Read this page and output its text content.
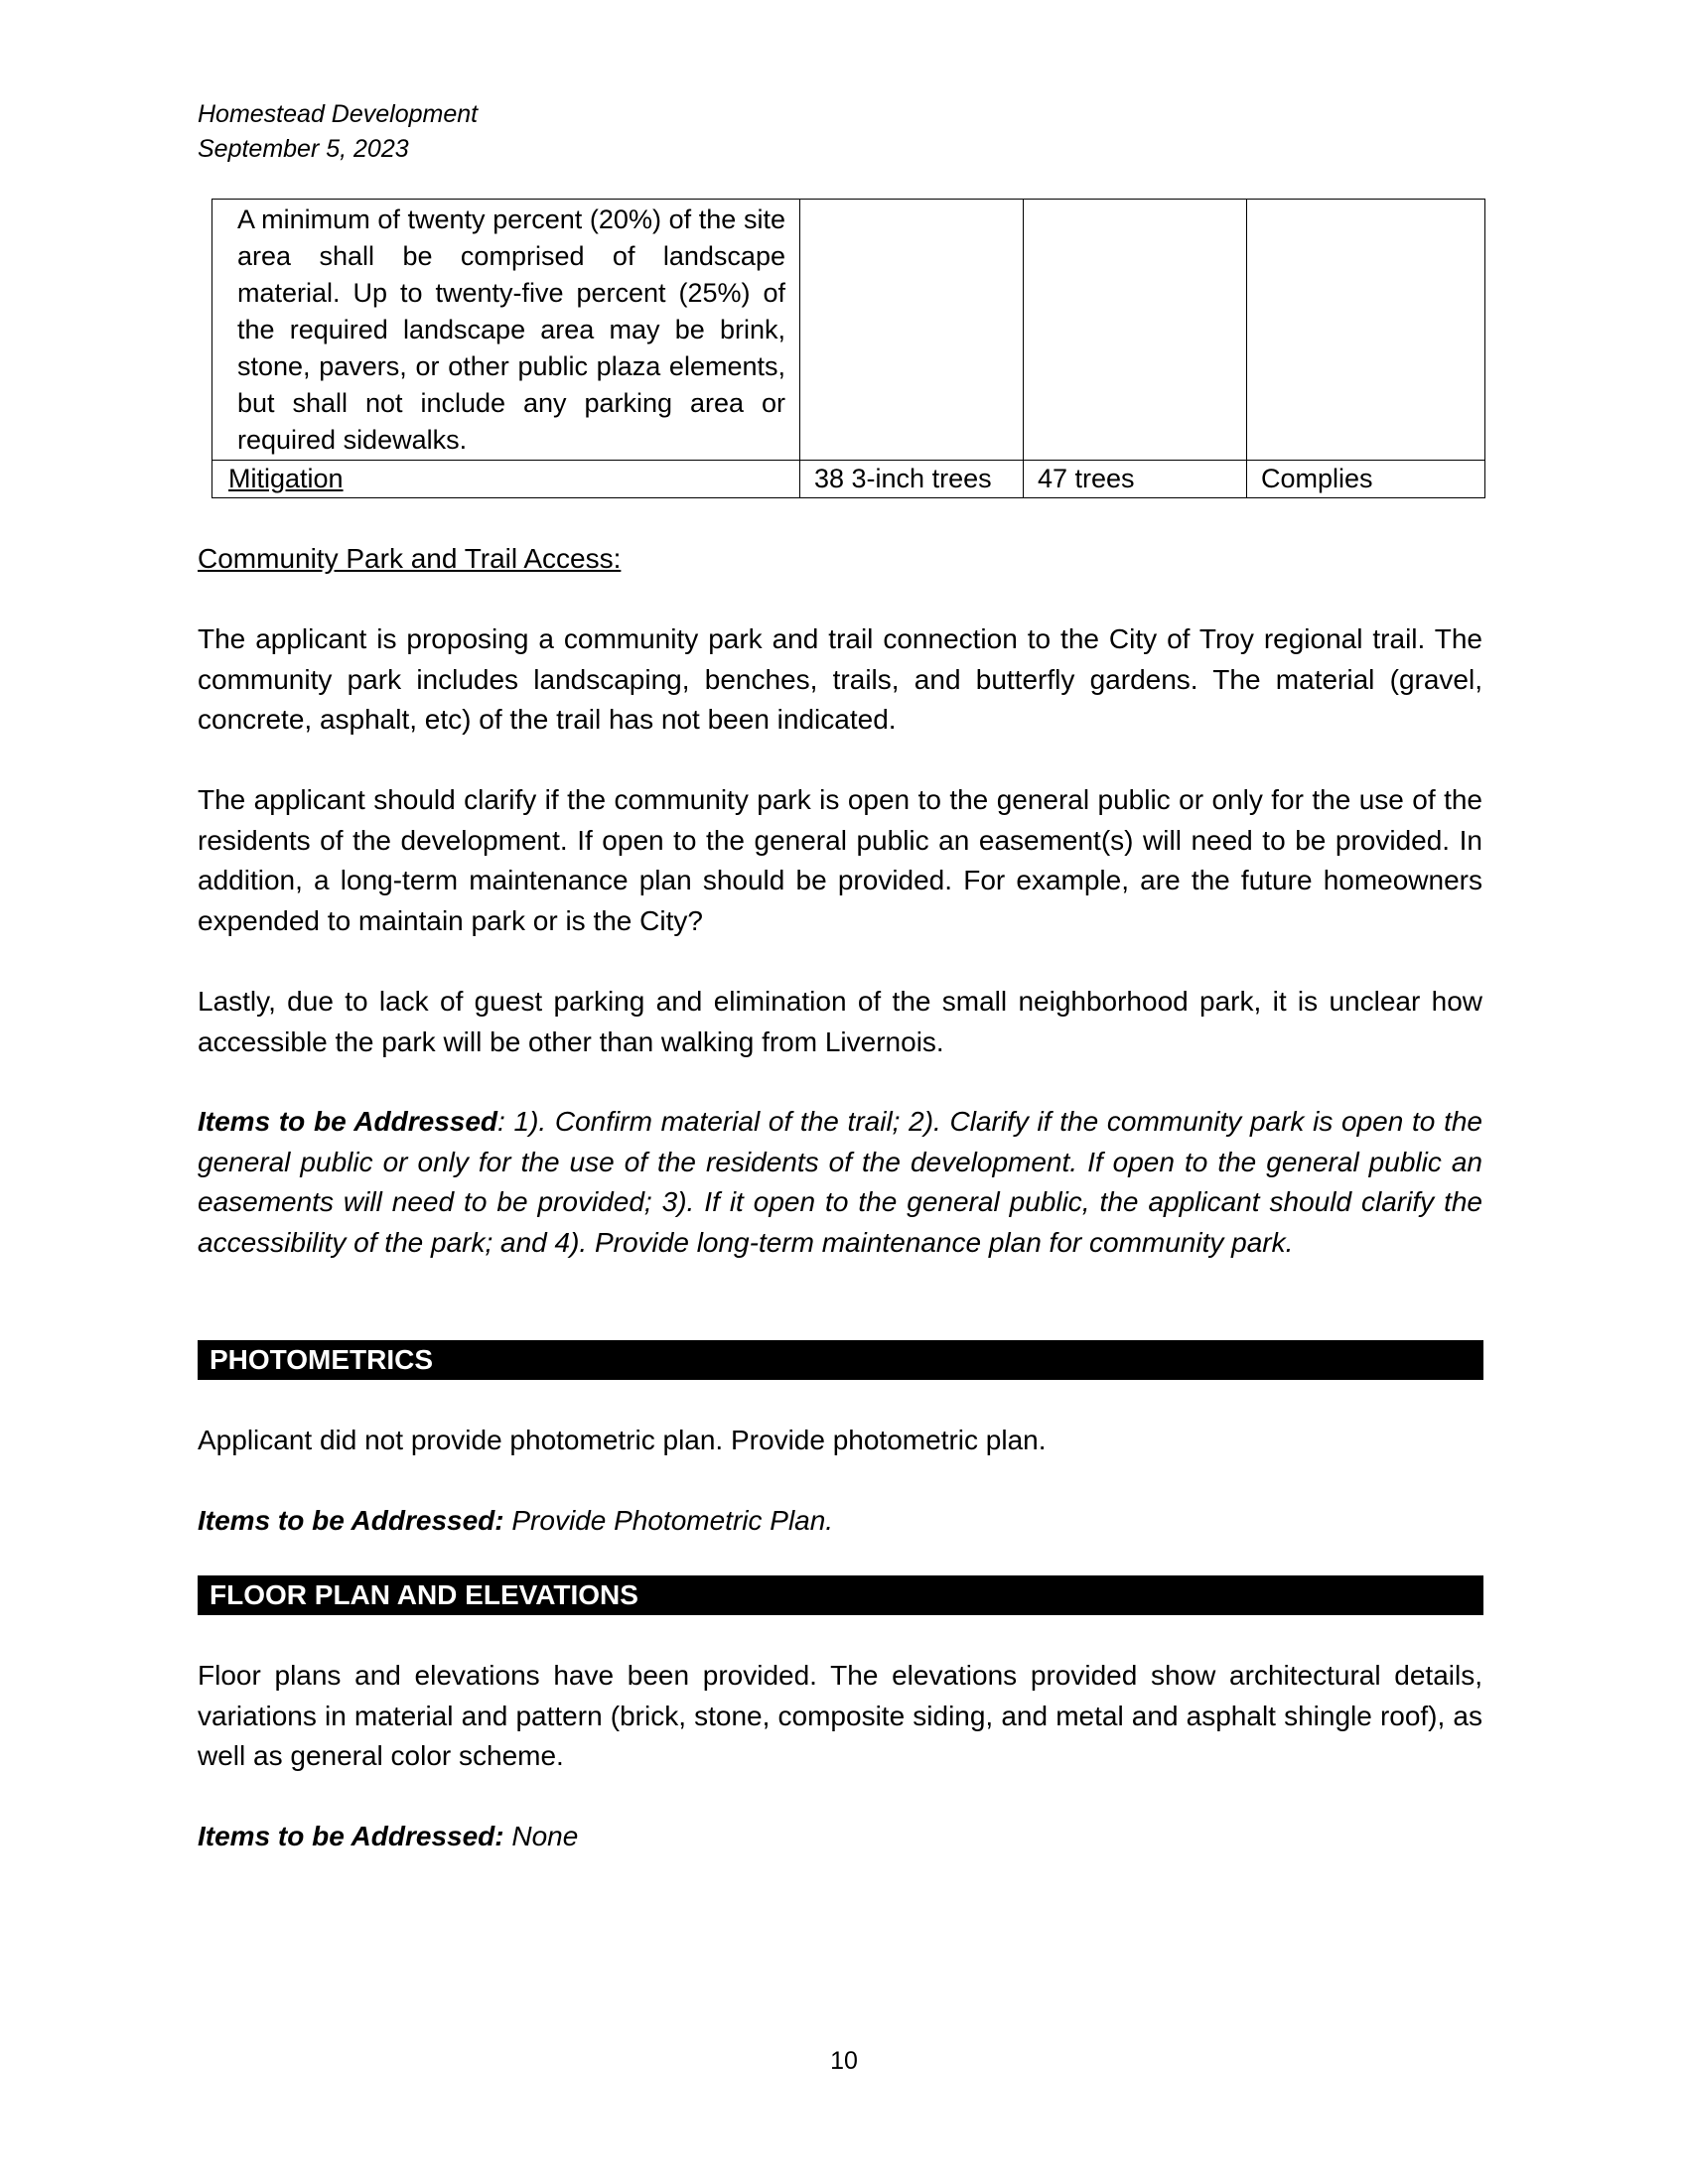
Homestead Development
September 5, 2023
A minimum of twenty percent (20%) of the site area shall be comprised of landscape material. Up to twenty-five percent (25%) of the required landscape area may be brink, stone, pavers, or other public plaza elements, but shall not include any parking area or required sidewalks.			
Mitigation	38 3-inch trees	47 trees	Complies
Community Park and Trail Access:
The applicant is proposing a community park and trail connection to the City of Troy regional trail. The community park includes landscaping, benches, trails, and butterfly gardens. The material (gravel, concrete, asphalt, etc) of the trail has not been indicated.
The applicant should clarify if the community park is open to the general public or only for the use of the residents of the development. If open to the general public an easement(s) will need to be provided. In addition, a long-term maintenance plan should be provided. For example, are the future homeowners expended to maintain park or is the City?
Lastly, due to lack of guest parking and elimination of the small neighborhood park, it is unclear how accessible the park will be other than walking from Livernois.
Items to be Addressed: 1). Confirm material of the trail; 2). Clarify if the community park is open to the general public or only for the use of the residents of the development. If open to the general public an easements will need to be provided; 3). If it open to the general public, the applicant should clarify the accessibility of the park; and 4). Provide long-term maintenance plan for community park.
PHOTOMETRICS
Applicant did not provide photometric plan. Provide photometric plan.
Items to be Addressed: Provide Photometric Plan.
FLOOR PLAN AND ELEVATIONS
Floor plans and elevations have been provided. The elevations provided show architectural details, variations in material and pattern (brick, stone, composite siding, and metal and asphalt shingle roof), as well as general color scheme.
Items to be Addressed: None
10
